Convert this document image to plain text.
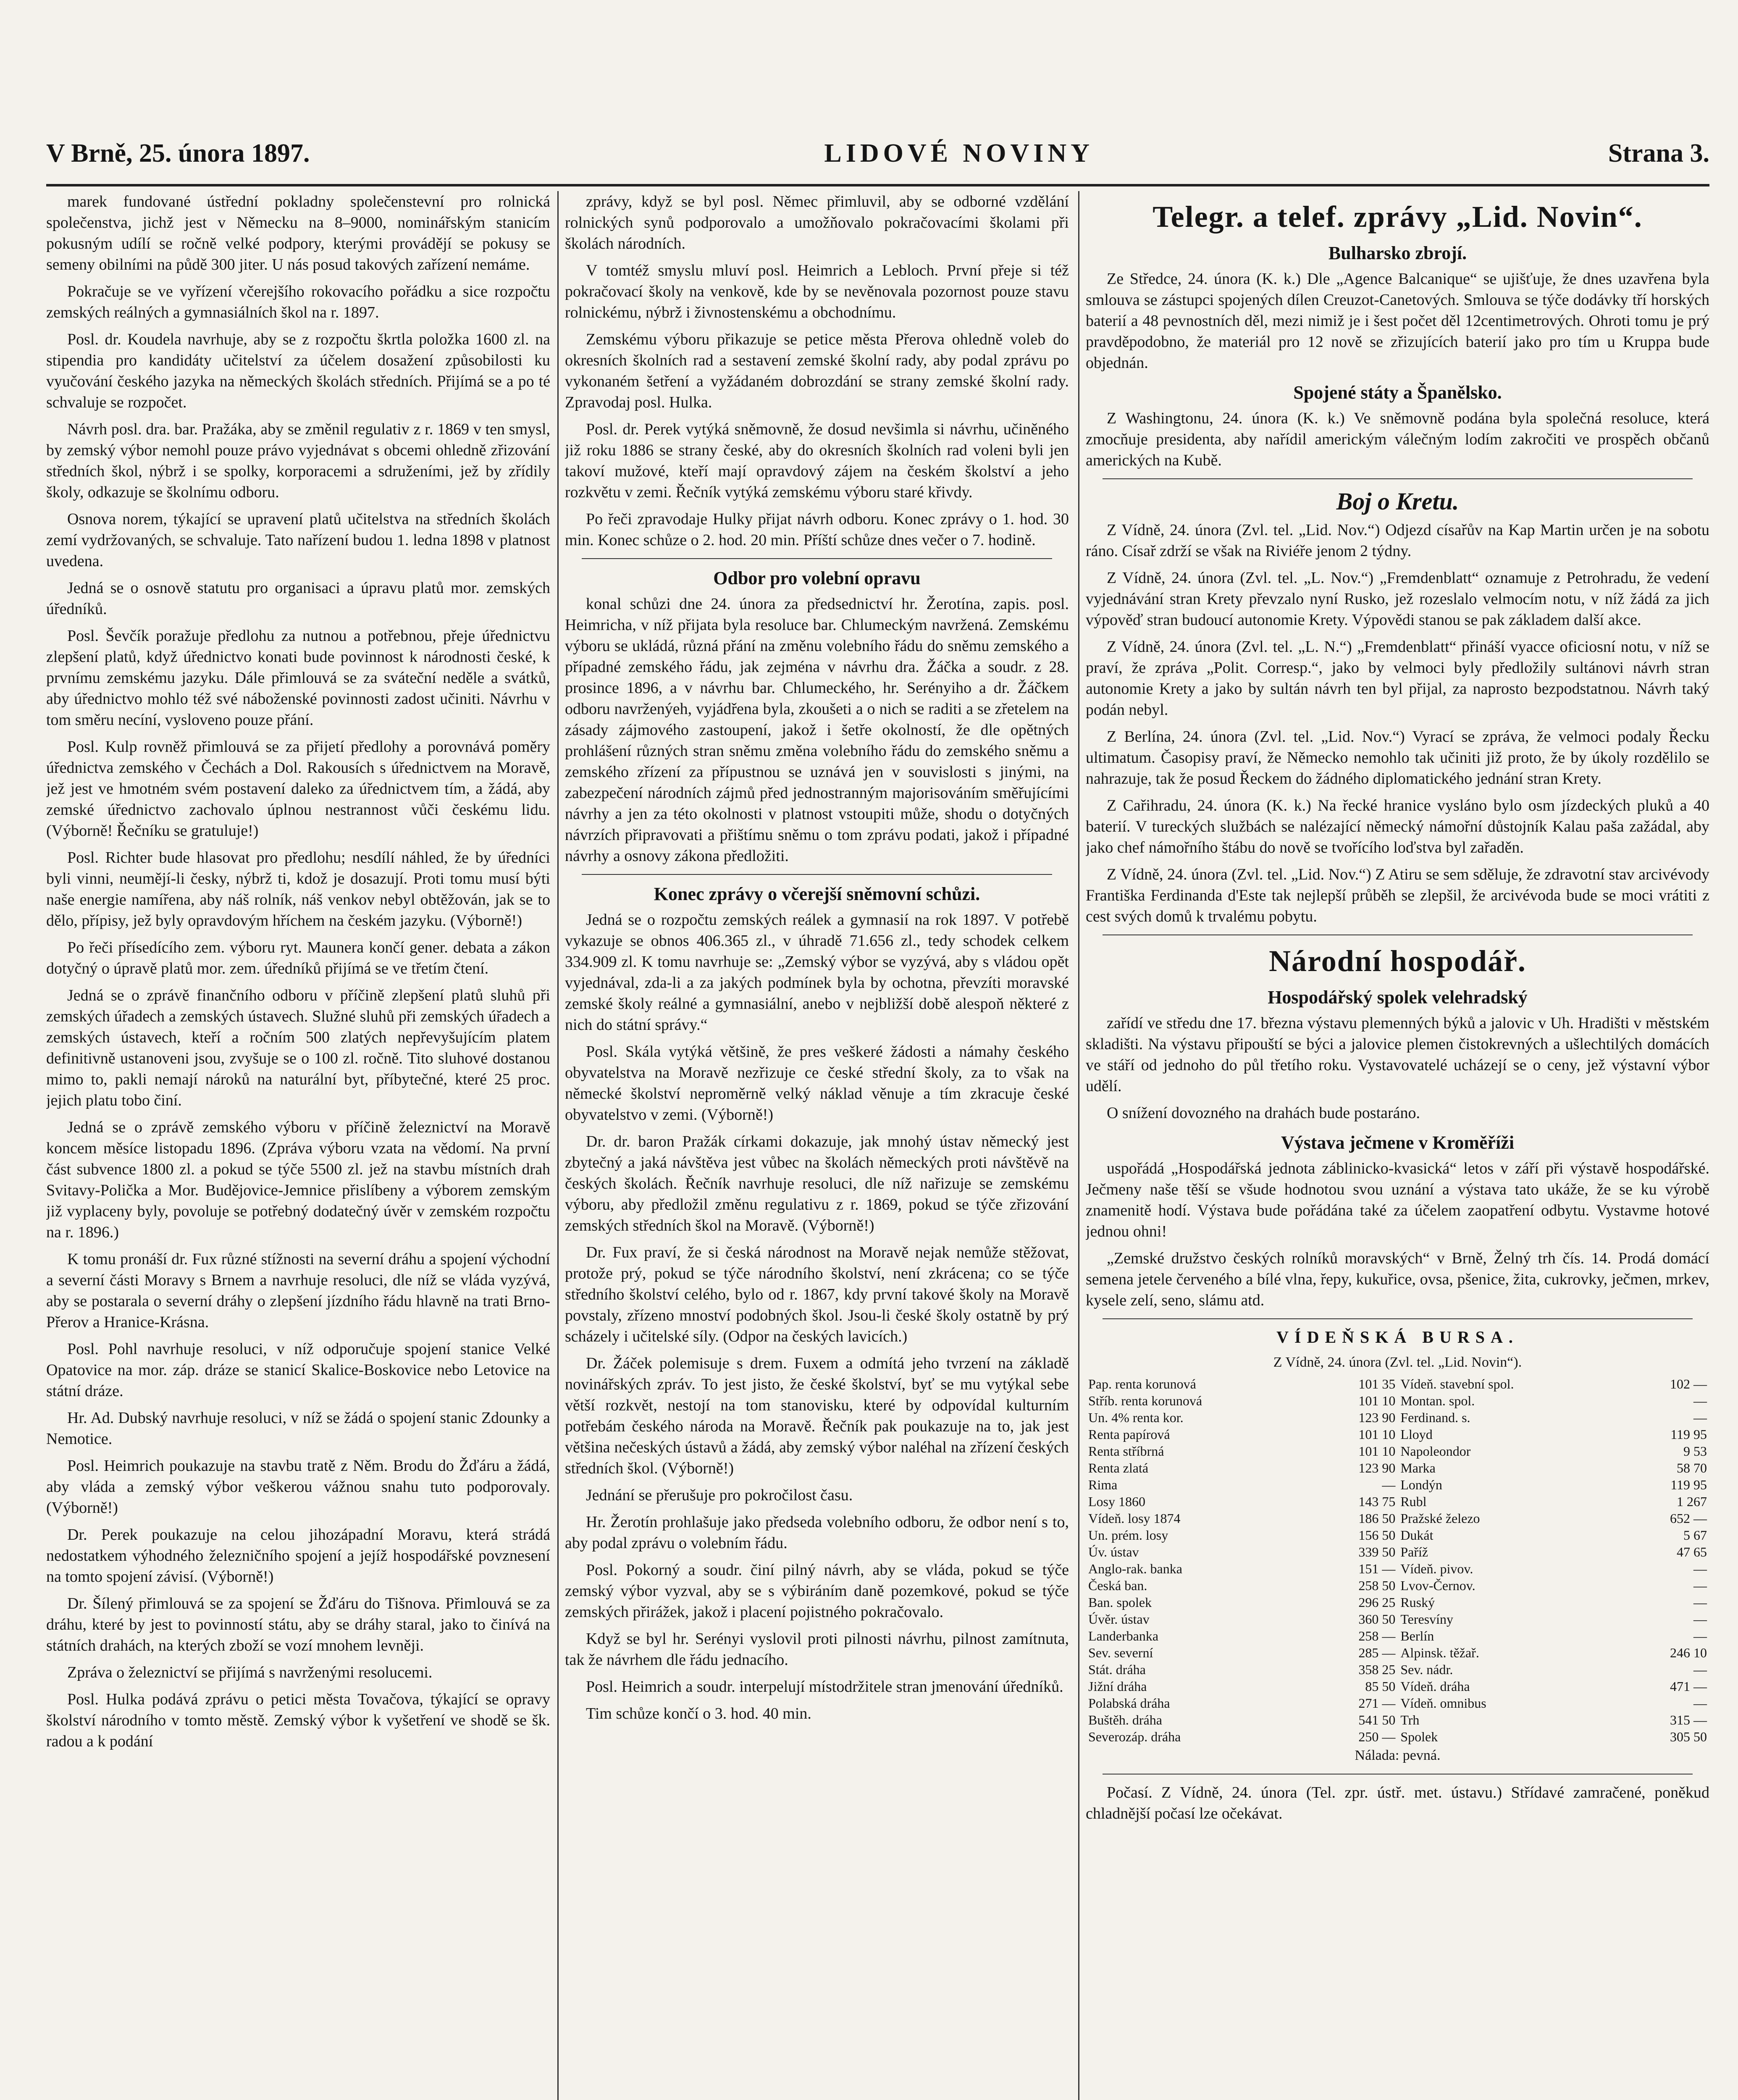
V Brně, 25. února 1897.	LIDOVÉ NOVINY	Strana 3.

marek fundované ústřední pokladny společenstevní pro rolnická společenstva, jichž jest v Německu na 8–9000, nominářským stanicím pokusným udílí se ročně velké podpory, kterými provádějí se pokusy se semeny obilními na půdě 300 jiter. U nás posud takových zařízení nemáme.

Pokračuje se ve vyřízení včerejšího rokovacího pořádku a sice rozpočtu zemských reálných a gymnasiálních škol na r. 1897.

Posl. dr. Koudela navrhuje, aby se z rozpočtu škrtla položka 1600 zl. na stipendia pro kandidáty učitelství za účelem dosažení způsobilosti ku vyučování českého jazyka na německých školách středních. Přijímá se a po té schvaluje se rozpočet.

Návrh posl. dra. bar. Pražáka, aby se změnil regulativ z r. 1869 v ten smysl, by zemský výbor nemohl pouze právo vyjednávat s obcemi ohledně zřizování středních škol, nýbrž i se spolky, korporacemi a sdruženími, jež by zřídily školy, odkazuje se školnímu odboru.

Osnova norem, týkající se upravení platů učitelstva na středních školách zemí vydržovaných, se schvaluje. Tato nařízení budou 1. ledna 1898 v platnost uvedena.

Jedná se o osnově statutu pro organisaci a úpravu platů mor. zemských úředníků.

Posl. Ševčík poražuje předlohu za nutnou a potřebnou, přeje úřednictvu zlepšení platů, když úřednictvo konati bude povinnost k národnosti české, k prvnímu zemskému jazyku. Dále přimlouvá se za sváteční neděle a svátků, aby úřednictvo mohlo též své náboženské povinnosti zadost učiniti. Návrhu v tom směru necíní, vysloveno pouze přání.

Posl. Kulp rovněž přimlouvá se za přijetí předlohy a porovnává poměry úřednictva zemského v Čechách a Dol. Rakousích s úřednictvem na Moravě, jež jest ve hmotném svém postavení daleko za úřednictvem tím, a žádá, aby zemské úřednictvo zachovalo úplnou nestrannost vůči českému lidu. (Výborně! Řečníku se gratuluje!)

Posl. Richter bude hlasovat pro předlohu; nesdílí náhled, že by úředníci byli vinni, neumějí-li česky, nýbrž ti, kdož je dosazují. Proti tomu musí býti naše energie namířena, aby náš rolník, náš venkov nebyl obtěžován, jak se to dělo, přípisy, jež byly opravdovým hříchem na českém jazyku. (Výborně!)

Po řeči přísedícího zem. výboru ryt. Maunera končí gener. debata a zákon dotyčný o úpravě platů mor. zem. úředníků přijímá se ve třetím čtení.

Jedná se o zprávě finančního odboru v příčině zlepšení platů sluhů při zemských úřadech a zemských ústavech. Služné sluhů při zemských úřadech a zemských ústavech, kteří a ročním 500 zlatých nepřevyšujícím platem definitivně ustanoveni jsou, zvyšuje se o 100 zl. ročně. Tito sluhové dostanou mimo to, pakli nemají nároků na naturální byt, příbytečné, které 25 proc. jejich platu tobo činí.

Jedná se o zprávě zemského výboru v příčině železnictví na Moravě koncem měsíce listopadu 1896. (Zpráva výboru vzata na vědomí. Na první část subvence 1800 zl. a pokud se týče 5500 zl. jež na stavbu místních drah Svitavy-Polička a Mor. Budějovice-Jemnice přislíbeny a výborem zemským již vyplaceny byly, povoluje se potřebný dodatečný úvěr v zemském rozpočtu na r. 1896.)

K tomu pronáší dr. Fux různé stížnosti na severní dráhu a spojení východní a severní části Moravy s Brnem a navrhuje resoluci, dle níž se vláda vyzývá, aby se postarala o severní dráhy o zlepšení jízdního řádu hlavně na trati Brno-Přerov a Hranice-Krásna.

Posl. Pohl navrhuje resoluci, v níž odporučuje spojení stanice Velké Opatovice na mor. záp. dráze se stanicí Skalice-Boskovice nebo Letovice na státní dráze.

Hr. Ad. Dubský navrhuje resoluci, v níž se žádá o spojení stanic Zdounky a Nemotice.

Posl. Heimrich poukazuje na stavbu tratě z Něm. Brodu do Žďáru a žádá, aby vláda a zemský výbor veškerou vážnou snahu tuto podporovaly. (Výborně!)

Dr. Perek poukazuje na celou jihozápadní Moravu, která strádá nedostatkem výhodného železničního spojení a jejíž hospodářské povznesení na tomto spojení závisí. (Výborně!)

Dr. Šílený přimlouvá se za spojení se Žďáru do Tišnova. Přimlouvá se za dráhu, které by jest to povinností státu, aby se dráhy staral, jako to činívá na státních drahách, na kterých zboží se vozí mnohem levněji.

Zpráva o železnictví se přijímá s navrženými resolucemi.

Posl. Hulka podává zprávu o petici města Tovačova, týkající se opravy školství národního v tomto městě. Zemský výbor k vyšetření ve shodě se šk. radou a k podání

zprávy, když se byl posl. Němec přimluvil, aby se odborné vzdělání rolnických synů podporovalo a umožňovalo pokračovacími školami při školách národních.

V tomtéž smyslu mluví posl. Heimrich a Lebloch. První přeje si též pokračovací školy na venkově, kde by se nevěnovala pozornost pouze stavu rolnickému, nýbrž i živnostenskému a obchodnímu.

Zemskému výboru přikazuje se petice města Přerova ohledně voleb do okresních školních rad a sestavení zemské školní rady, aby podal zprávu po vykonaném šetření a vyžádaném dobrozdání se strany zemské školní rady. Zpravodaj posl. Hulka.

Posl. dr. Perek vytýká sněmovně, že dosud nevšimla si návrhu, učiněného již roku 1886 se strany české, aby do okresních školních rad voleni byli jen takoví mužové, kteří mají opravdový zájem na českém školství a jeho rozkvětu v zemi. Řečník vytýká zemskému výboru staré křivdy.

Po řeči zpravodaje Hulky přijat návrh odboru. Konec zprávy o 1. hod. 30 min. Konec schůze o 2. hod. 20 min. Příští schůze dnes večer o 7. hodině.

Odbor pro volební opravu

konal schůzi dne 24. února za předsednictví hr. Žerotína, zapis. posl. Heimricha, v níž přijata byla resoluce bar. Chlumeckým navržená. Zemskému výboru se ukládá, různá přání na změnu volebního řádu do sněmu zemského a případné zemského řádu, jak zejména v návrhu dra. Žáčka a soudr. z 28. prosince 1896, a v návrhu bar. Chlumeckého, hr. Serényiho a dr. Žáčkem odboru navrženýeh, vyjádřena byla, zkoušeti a o nich se raditi a se zřetelem na zásady zájmového zastoupení, jakož i šetře okolností, že dle opětných prohlášení různých stran sněmu změna volebního řádu do zemského sněmu a zemského zřízení za přípustnou se uznává jen v souvislosti s jinými, na zabezpečení národních zájmů před jednostranným majorisováním směřujícími návrhy a jen za této okolnosti v platnost vstoupiti může, shodu o dotyčných návrzích připravovati a přištímu sněmu o tom zprávu podati, jakož i případné návrhy a osnovy zákona předložiti.

Konec zprávy o včerejší sněmovní schůzi.

Jedná se o rozpočtu zemských reálek a gymnasií na rok 1897. V potřebě vykazuje se obnos 406.365 zl., v úhradě 71.656 zl., tedy schodek celkem 334.909 zl. K tomu navrhuje se: „Zemský výbor se vyzývá, aby s vládou opět vyjednával, zda-li a za jakých podmínek byla by ochotna, převzíti moravské zemské školy reálné a gymnasiální, anebo v nejbližší době alespoň některé z nich do státní správy.“

Posl. Skála vytýká většině, že pres veškeré žádosti a námahy českého obyvatelstva na Moravě nezřizuje ce české střední školy, za to však na německé školství neproměrně velký náklad věnuje a tím zkracuje české obyvatelstvo v zemi. (Výborně!)

Dr. dr. baron Pražák církami dokazuje, jak mnohý ústav německý jest zbytečný a jaká návštěva jest vůbec na školách německých proti návštěvě na českých školách. Řečník navrhuje resoluci, dle níž nařizuje se zemskému výboru, aby předložil změnu regulativu z r. 1869, pokud se týče zřizování zemských středních škol na Moravě. (Výborně!)

Dr. Fux praví, že si česká národnost na Moravě nejak nemůže stěžovat, protože prý, pokud se týče národního školství, není zkrácena; co se týče středního školství celého, bylo od r. 1867, kdy první takové školy na Moravě povstaly, zřízeno mnoství podobných škol. Jsou-li české školy ostatně by prý scházely i učitelské síly. (Odpor na českých lavicích.)

Dr. Žáček polemisuje s drem. Fuxem a odmítá jeho tvrzení na základě novinářských zpráv. To jest jisto, že české školství, byť se mu vytýkal sebe větší rozkvět, nestojí na tom stanovisku, které by odpovídal kulturním potřebám českého národa na Moravě. Řečník pak poukazuje na to, jak jest většina nečeských ústavů a žádá, aby zemský výbor naléhal na zřízení českých středních škol. (Výborně!)

Jednání se přerušuje pro pokročilost času.

Hr. Žerotín prohlašuje jako předseda volebního odboru, že odbor není s to, aby podal zprávu o volebním řádu.

Posl. Pokorný a soudr. činí pilný návrh, aby se vláda, pokud se týče zemský výbor vyzval, aby se s výbiráním daně pozemkové, pokud se týče zemských přirážek, jakož i placení pojistného pokračovalo.

Když se byl hr. Serényi vyslovil proti pilnosti návrhu, pilnost zamítnuta, tak že návrhem dle řádu jednacího.

Posl. Heimrich a soudr. interpelují místodržitele stran jmenování úředníků.

Tim schůze končí o 3. hod. 40 min.

Telegr. a telef. zprávy „Lid. Novin“.
Bulharsko zbrojí.

Ze Středce, 24. února (K. k.) Dle „Agence Balcanique“ se ujišťuje, že dnes uzavřena byla smlouva se zástupci spojených dílen Creuzot-Canetových. Smlouva se týče dodávky tří horských baterií a 48 pevnostních děl, mezi nimiž je i šest počet děl 12centimetrových. Ohroti tomu je prý pravděpodobno, že materiál pro 12 nově se zřizujících baterií jako pro tím u Kruppa bude objednán.

Spojené státy a Španělsko.

Z Washingtonu, 24. února (K. k.) Ve sněmovně podána byla společná resoluce, která zmocňuje presidenta, aby nařídil americkým válečným lodím zakročiti ve prospěch občanů amerických na Kubě.

Boj o Kretu.

Z Vídně, 24. února (Zvl. tel. „Lid. Nov.“) Odjezd císařův na Kap Martin určen je na sobotu ráno. Císař zdrží se však na Riviéře jenom 2 týdny.

Z Vídně, 24. února (Zvl. tel. „L. Nov.“) „Fremdenblatt“ oznamuje z Petrohradu, že vedení vyjednávání stran Krety převzalo nyní Rusko, jež rozeslalo velmocím notu, v níž žádá za jich výpověď stran budoucí autonomie Krety. Výpovědi stanou se pak základem další akce.

Z Vídně, 24. února (Zvl. tel. „L. N.“) „Fremdenblatt“ přináší vyacce oficiosní notu, v níž se praví, že zpráva „Polit. Corresp.“, jako by velmoci byly předložily sultánovi návrh stran autonomie Krety a jako by sultán návrh ten byl přijal, za naprosto bezpodstatnou. Návrh taký podán nebyl.

Z Berlína, 24. února (Zvl. tel. „Lid. Nov.“) Vyrací se zpráva, že velmoci podaly Řecku ultimatum. Časopisy praví, že Německo nemohlo tak učiniti již proto, že by úkoly rozdělilo se nahrazuje, tak že posud Řeckem do žádného diplomatického jednání stran Krety.

Z Cařihradu, 24. února (K. k.) Na řecké hranice vysláno bylo osm jízdeckých pluků a 40 baterií. V tureckých službách se nalézající německý námořní důstojník Kalau paša zažádal, aby jako chef námořního štábu do nově se tvořícího loďstva byl zařaděn.

Z Vídně, 24. února (Zvl. tel. „Lid. Nov.“) Z Atiru se sem sděluje, že zdravotní stav arcivévody Františka Ferdinanda d'Este tak nejlepší průběh se zlepšil, že arcivévoda bude se moci vrátiti z cest svých domů k trvalému pobytu.

Národní hospodář.
Hospodářský spolek velehradský

zařídí ve středu dne 17. března výstavu plemenných býků a jalovic v Uh. Hradišti v městském skladišti. Na výstavu připouští se býci a jalovice plemen čistokrevných a ušlechtilých domácích ve stáří od jednoho do půl třetího roku. Vystavovatelé ucházejí se o ceny, jež výstavní výbor udělí.

O snížení dovozného na drahách bude postaráno.

Výstava ječmene v Kroměříži

uspořádá „Hospodářská jednota záblinicko-kvasická“ letos v září při výstavě hospodářské. Ječmeny naše těší se všude hodnotou svou uznání a výstava tato ukáže, že se ku výrobě znamenitě hodí. Výstava bude pořádána také za účelem zaopatření odbytu. Vystavme hotové jednou ohni!

„Zemské družstvo českých rolníků moravských“ v Brně, Želný trh čís. 14. Prodá domácí semena jetele červeného a bílé vlna, řepy, kukuřice, ovsa, pšenice, žita, cukrovky, ječmen, mrkev, kysele zelí, seno, slámu atd.

VÍDEŇSKÁ BURSA.
Z Vídně, 24. února (Zvl. tel. „Lid. Novin“).
Pap. renta korunová	101 35	Vídeň. stavební spol.	102 —
Stříb. renta korunová	101 10	Montan. spol.	—
Un. 4% renta kor.	123 90	Ferdinand. s.	—
Renta papírová	101 10	Lloyd	119 95
Renta stříbrná	101 10	Napoleondor	9 53
Renta zlatá	123 90	Marka	58 70
Rima	—	Londýn	119 95
Losy 1860	143 75	Rubl	1 267
Vídeň. losy 1874	186 50	Pražské železo	652 —
Un. prém. losy	156 50	Dukát	5 67
Úv. ústav	339 50	Paříž	47 65
Anglo-rak. banka	151 —	Vídeň. pivov.	—
Česká ban.	258 50	Lvov-Černov.	—
Ban. spolek	296 25	Ruský	—
Úvěr. ústav	360 50	Teresvíny	—
Landerbanka	258 —	Berlín	—
Sev. severní	285 —	Alpinsk. těžař.	246 10
Stát. dráha	358 25	Sev. nádr.	—
Jižní dráha	85 50	Vídeň. dráha	471 —
Polabská dráha	271 —	Vídeň. omnibus	—
Buštěh. dráha	541 50	Trh	315 —
Severozáp. dráha	250 —	Spolek	305 50
Nálada: pevná.

Počasí. Z Vídně, 24. února (Tel. zpr. ústř. met. ústavu.) Střídavé zamračené, poněkud chladnější počasí lze očekávat.
